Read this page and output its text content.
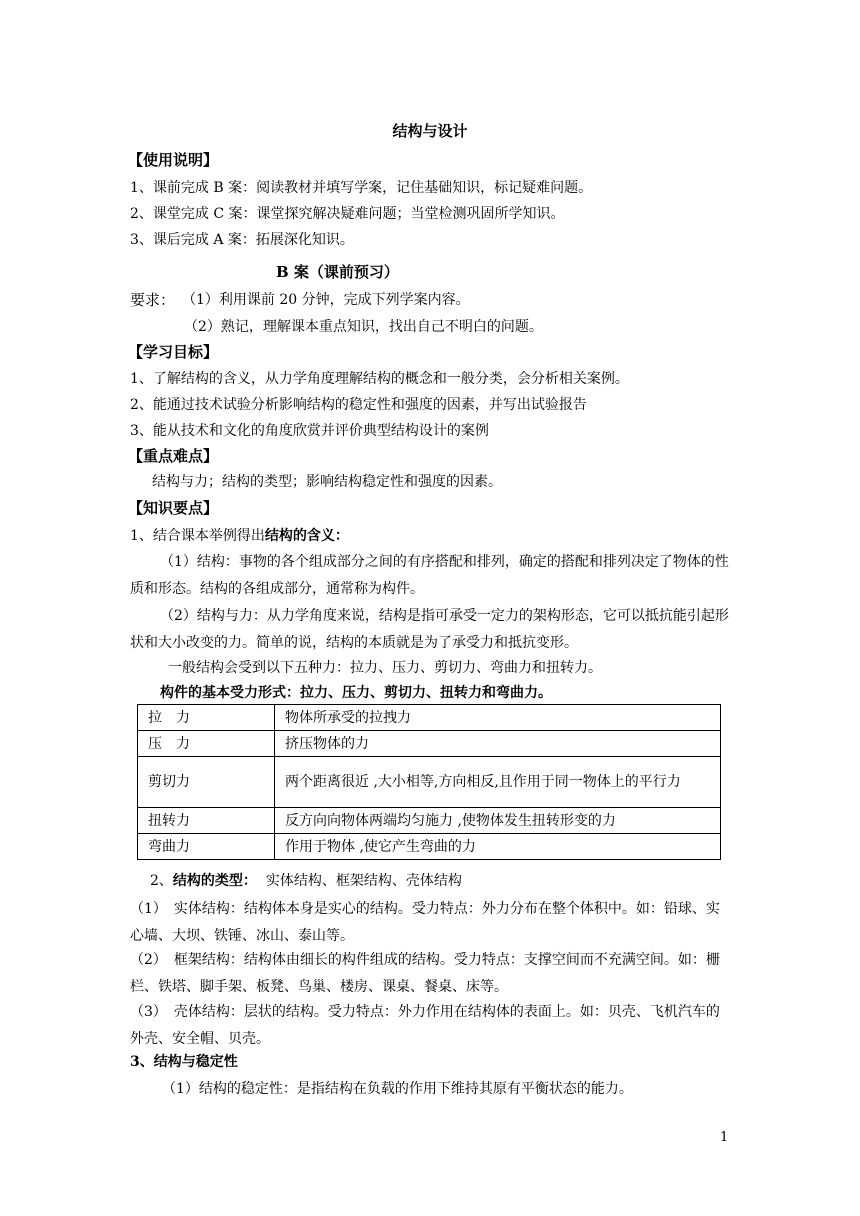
结构与设计
【使用说明】
1、课前完成 B 案：阅读教材并填写学案，记住基础知识，标记疑难问题。
2、课堂完成 C 案：课堂探究解决疑难问题；当堂检测巩固所学知识。
3、课后完成 A 案：拓展深化知识。
B 案（课前预习）
要求： （1）利用课前 20 分钟，完成下列学案内容。
（2）熟记，理解课本重点知识，找出自己不明白的问题。
【学习目标】
1、了解结构的含义，从力学角度理解结构的概念和一般分类，会分析相关案例。
2、能通过技术试验分析影响结构的稳定性和强度的因素，并写出试验报告
3、能从技术和文化的角度欣赏并评价典型结构设计的案例
【重点难点】
结构与力；结构的类型；影响结构稳定性和强度的因素。
【知识要点】
1、结合课本举例得出结构的含义：
（1）结构：事物的各个组成部分之间的有序搭配和排列，确定的搭配和排列决定了物体的性质和形态。结构的各组成部分，通常称为构件。
（2）结构与力：从力学角度来说，结构是指可承受一定力的架构形态，它可以抵抗能引起形状和大小改变的力。简单的说，结构的本质就是为了承受力和抵抗变形。
一般结构会受到以下五种力：拉力、压力、剪切力、弯曲力和扭转力。
构件的基本受力形式：拉力、压力、剪切力、扭转力和弯曲力。
拉　力	物体所承受的拉拽力
压　力	挤压物体的力
剪切力	两个距离很近 ,大小相等,方向相反,且作用于同一物体上的平行力
扭转力	反方向向物体两端均匀施力 ,使物体发生扭转形变的力
弯曲力	作用于物体 ,使它产生弯曲的力
2、结构的类型： 实体结构、框架结构、壳体结构
（1）　实体结构：结构体本身是实心的结构。受力特点：外力分布在整个体积中。如：铅球、实心墙、大坝、铁锤、冰山、泰山等。
（2）　框架结构：结构体由细长的构件组成的结构。受力特点：支撑空间而不充满空间。如：栅栏、铁塔、脚手架、板凳、鸟巢、楼房、课桌、餐桌、床等。
（3）　壳体结构：层状的结构。受力特点：外力作用在结构体的表面上。如：贝壳、飞机汽车的外壳、安全帽、贝壳。
3、结构与稳定性
（1）结构的稳定性：是指结构在负载的作用下维持其原有平衡状态的能力。
1
